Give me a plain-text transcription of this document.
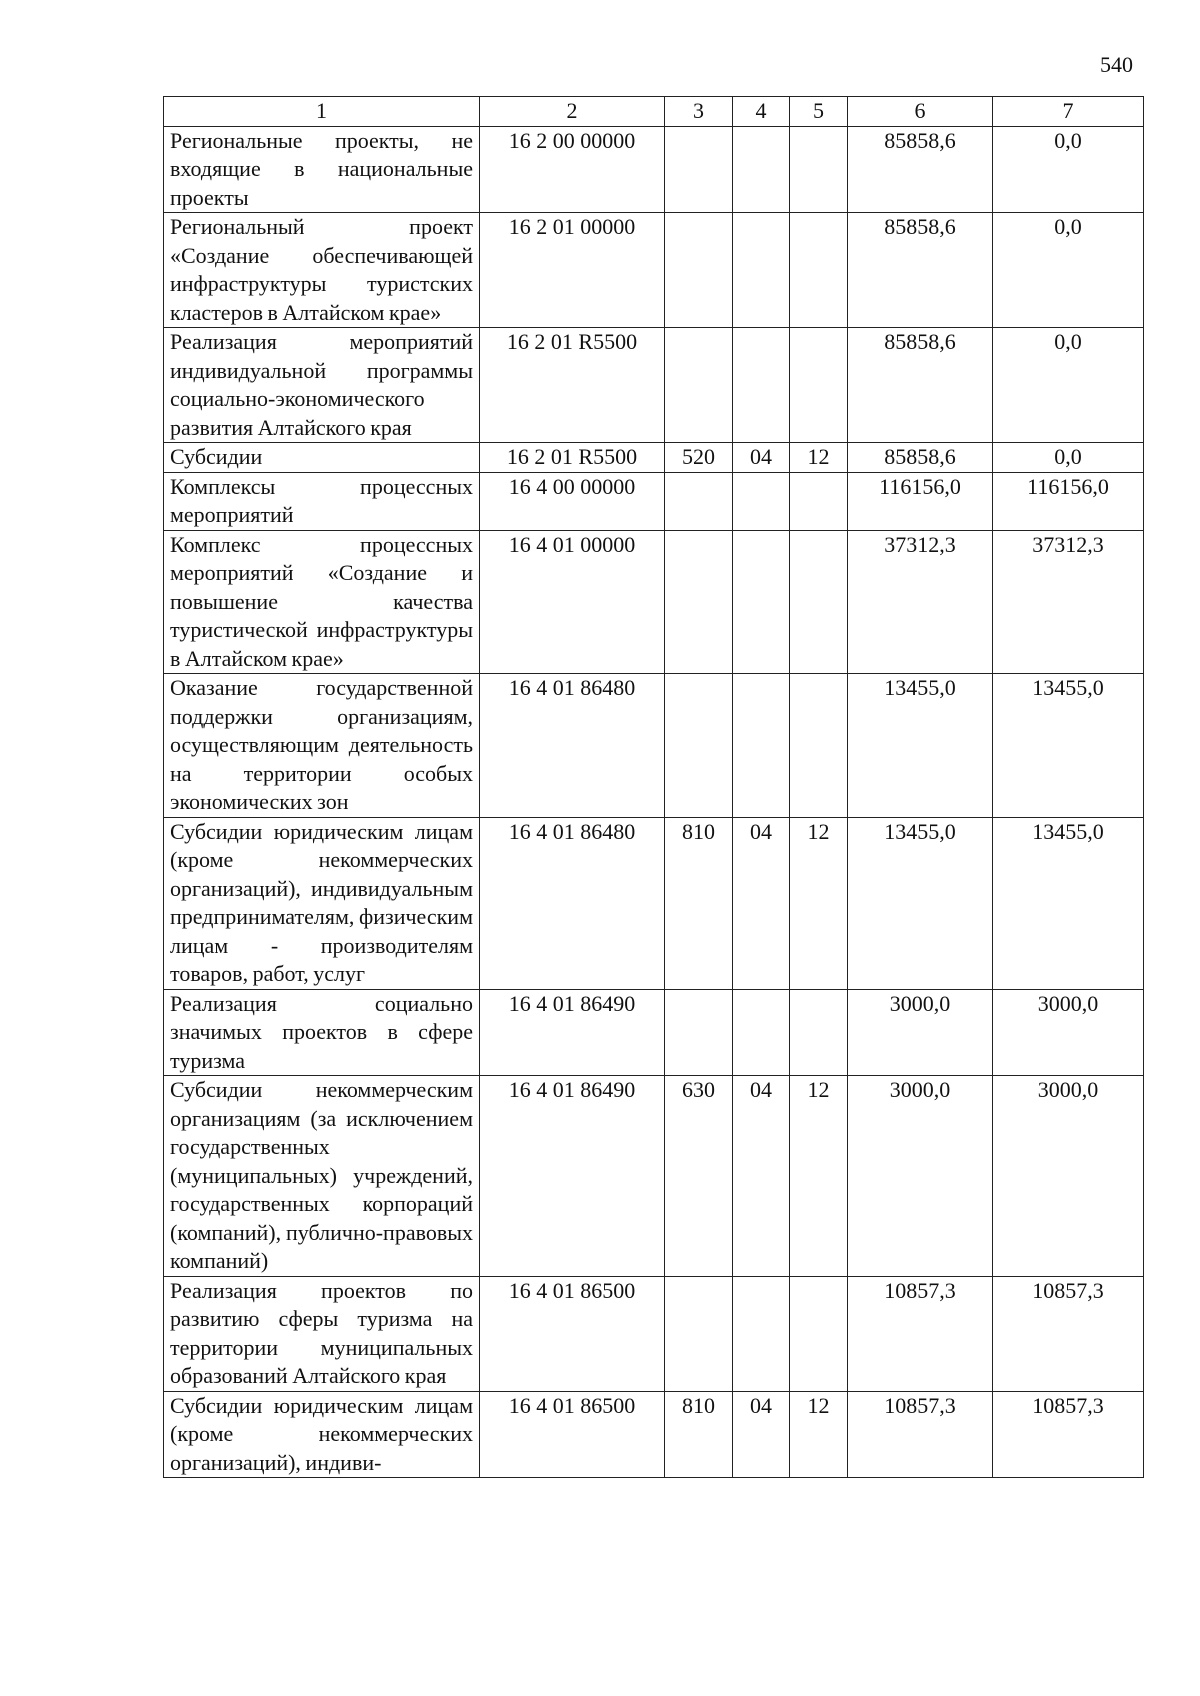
540
1	2	3	4	5	6	7
Региональные проекты, не входящие в национальные проекты	16 2 00 00000				85858,6	0,0
Региональный проект «Создание обеспечивающей инфраструктуры туристских кластеров в Алтайском крае»	16 2 01 00000				85858,6	0,0
Реализация мероприятий индивидуальной программы социально-экономического развития Алтайского края	16 2 01 R5500				85858,6	0,0
Субсидии	16 2 01 R5500	520	04	12	85858,6	0,0
Комплексы процессных мероприятий	16 4 00 00000				116156,0	116156,0
Комплекс процессных мероприятий «Создание и повышение качества туристической инфраструктуры в Алтайском крае»	16 4 01 00000				37312,3	37312,3
Оказание государственной поддержки организациям, осуществляющим деятельность на территории особых экономических зон	16 4 01 86480				13455,0	13455,0
Субсидии юридическим лицам (кроме некоммерческих организаций), индивидуальным предпринимателям, физическим лицам - производителям товаров, работ, услуг	16 4 01 86480	810	04	12	13455,0	13455,0
Реализация социально значимых проектов в сфере туризма	16 4 01 86490				3000,0	3000,0
Субсидии некоммерческим организациям (за исключением государственных (муниципальных) учреждений, государственных корпораций (компаний), публично-правовых компаний)	16 4 01 86490	630	04	12	3000,0	3000,0
Реализация проектов по развитию сферы туризма на территории муниципальных образований Алтайского края	16 4 01 86500				10857,3	10857,3
Субсидии юридическим лицам (кроме некоммерческих организаций), индиви-	16 4 01 86500	810	04	12	10857,3	10857,3
